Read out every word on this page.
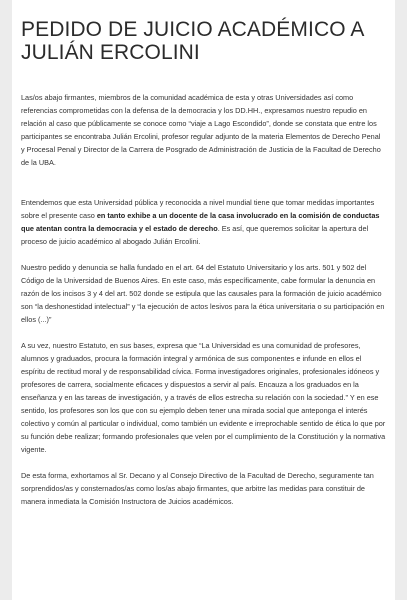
PEDIDO DE JUICIO ACADÉMICO A JULIÁN ERCOLINI

Las/os abajo firmantes, miembros de la comunidad académica de esta y otras Universidades así como referencias comprometidas con la defensa de la democracia y los DD.HH., expresamos nuestro repudio en relación al caso que públicamente se conoce como “viaje a Lago Escondido”, donde se constata que entre los participantes se encontraba Julián Ercolini, profesor regular adjunto de la materia Elementos de Derecho Penal y Procesal Penal y Director de la Carrera de Posgrado de Administración de Justicia de la Facultad de Derecho de la UBA.

Entendemos que esta Universidad pública y reconocida a nivel mundial tiene que tomar medidas importantes sobre el presente caso en tanto exhibe a un docente de la casa involucrado en la comisión de conductas que atentan contra la democracia y el estado de derecho. Es así, que queremos solicitar la apertura del proceso de juicio académico al abogado Julián Ercolini.

Nuestro pedido y denuncia se halla fundado en el art. 64 del Estatuto Universitario y los arts. 501 y 502 del Código de la Universidad de Buenos Aires. En este caso, más específicamente, cabe formular la denuncia en razón de los incisos 3 y 4 del art. 502 donde se estipula que las causales para la formación de juicio académico son “la deshonestidad intelectual” y “la ejecución de actos lesivos para la ética universitaria o su participación en ellos (...)”

A su vez, nuestro Estatuto, en sus bases, expresa que “La Universidad es una comunidad de profesores, alumnos y graduados, procura la formación integral y armónica de sus componentes e infunde en ellos el espíritu de rectitud moral y de responsabilidad cívica. Forma investigadores originales, profesionales idóneos y profesores de carrera, socialmente eficaces y dispuestos a servir al país. Encauza a los graduados en la enseñanza y en las tareas de investigación, y a través de ellos estrecha su relación con la sociedad.” Y en ese sentido, los profesores son los que con su ejemplo deben tener una mirada social que anteponga el interés colectivo y común al particular o individual, como también un evidente e irreprochable sentido de ética lo que por su función debe realizar; formando profesionales que velen por el cumplimiento de la Constitución y la normativa vigente.

De esta forma, exhortamos al Sr. Decano y al Consejo Directivo de la Facultad de Derecho, seguramente tan sorprendidos/as y consternados/as como los/as abajo firmantes, que arbitre las medidas para constituir de manera inmediata la Comisión Instructora de Juicios académicos.
